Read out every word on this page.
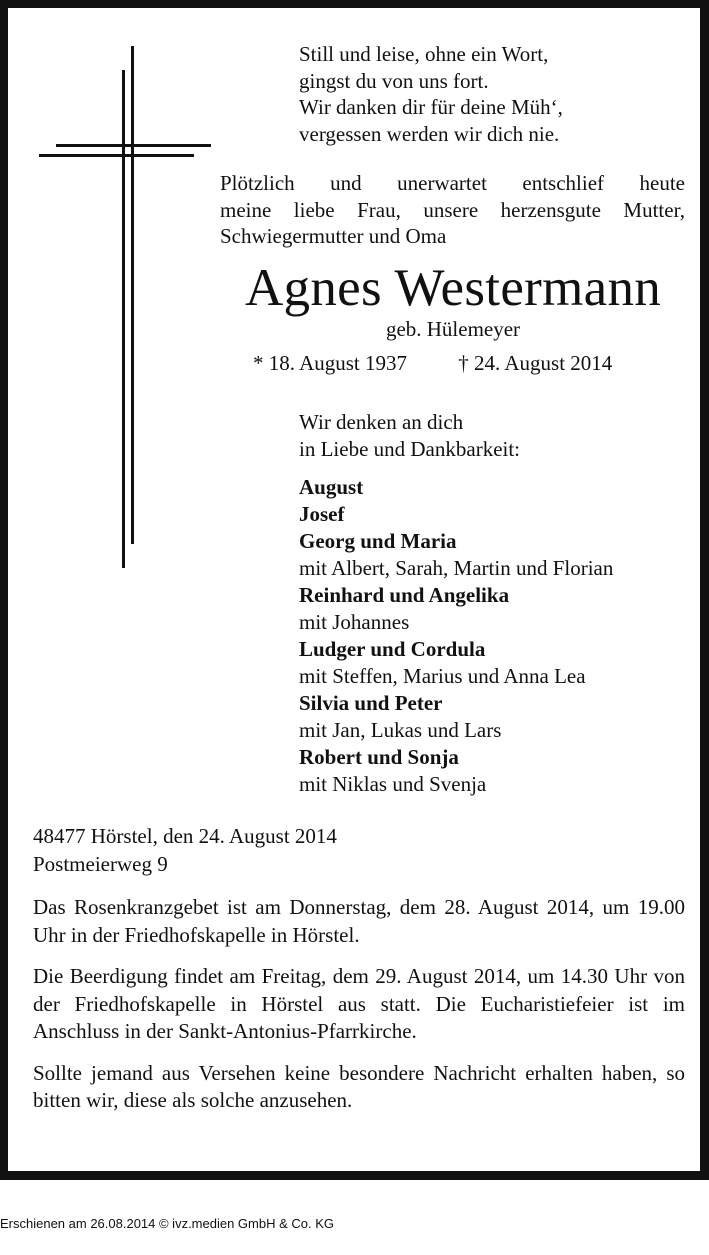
Still und leise, ohne ein Wort,
gingst du von uns fort.
Wir danken dir für deine Müh‘,
vergessen werden wir dich nie.
Plötzlich und unerwartet entschlief heute
meine liebe Frau, unsere herzensgute Mutter,
Schwiegermutter und Oma
Agnes Westermann
geb. Hülemeyer
* 18. August 1937 † 24. August 2014
Wir denken an dich
in Liebe und Dankbarkeit:
August
Josef
Georg und Maria
mit Albert, Sarah, Martin und Florian
Reinhard und Angelika
mit Johannes
Ludger und Cordula
mit Steffen, Marius und Anna Lea
Silvia und Peter
mit Jan, Lukas und Lars
Robert und Sonja
mit Niklas und Svenja

48477 Hörstel, den 24. August 2014
Postmeierweg 9

Das Rosenkranzgebet ist am Donnerstag, dem 28. August 2014, um 19.00 Uhr in der Friedhofskapelle in Hörstel.

Die Beerdigung findet am Freitag, dem 29. August 2014, um 14.30 Uhr von der Friedhofskapelle in Hörstel aus statt. Die Eucharistiefeier ist im Anschluss in der Sankt-Antonius-Pfarrkirche.

Sollte jemand aus Versehen keine besondere Nachricht erhalten haben, so bitten wir, diese als solche anzusehen.

Erschienen am 26.08.2014 © ivz.medien GmbH & Co. KG
